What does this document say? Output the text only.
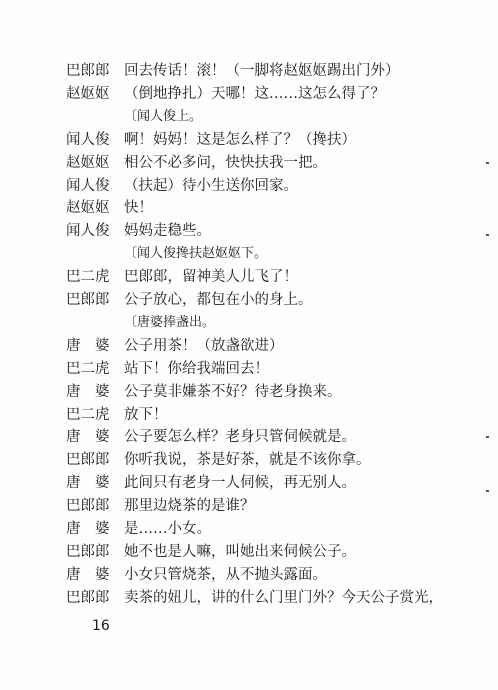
巴郎郎 回去传话！滚！（一脚将赵妪妪踢出门外）
赵妪妪 （倒地挣扎）天哪！这……这怎么得了？
〔闻人俊上。
闻人俊 啊！妈妈！这是怎么样了？（搀扶）
赵妪妪 相公不必多问，快快扶我一把。
闻人俊 （扶起）待小生送你回家。
赵妪妪 快！
闻人俊 妈妈走稳些。
〔闻人俊搀扶赵妪妪下。
巴二虎 巴郎郎，留神美人儿飞了！
巴郎郎 公子放心，都包在小的身上。
〔唐婆捧盏出。
唐　婆 公子用茶！（放盏欲进）
巴二虎 站下！你给我端回去！
唐　婆 公子莫非嫌茶不好？待老身换来。
巴二虎 放下！
唐　婆 公子要怎么样？老身只管伺候就是。
巴郎郎 你听我说，茶是好茶，就是不该你拿。
唐　婆 此间只有老身一人伺候，再无别人。
巴郎郎 那里边烧茶的是谁？
唐　婆 是……小女。
巴郎郎 她不也是人嘛，叫她出来伺候公子。
唐　婆 小女只管烧茶，从不抛头露面。
巴郎郎 卖茶的妞儿，讲的什么门里门外？今天公子赏光，
16
